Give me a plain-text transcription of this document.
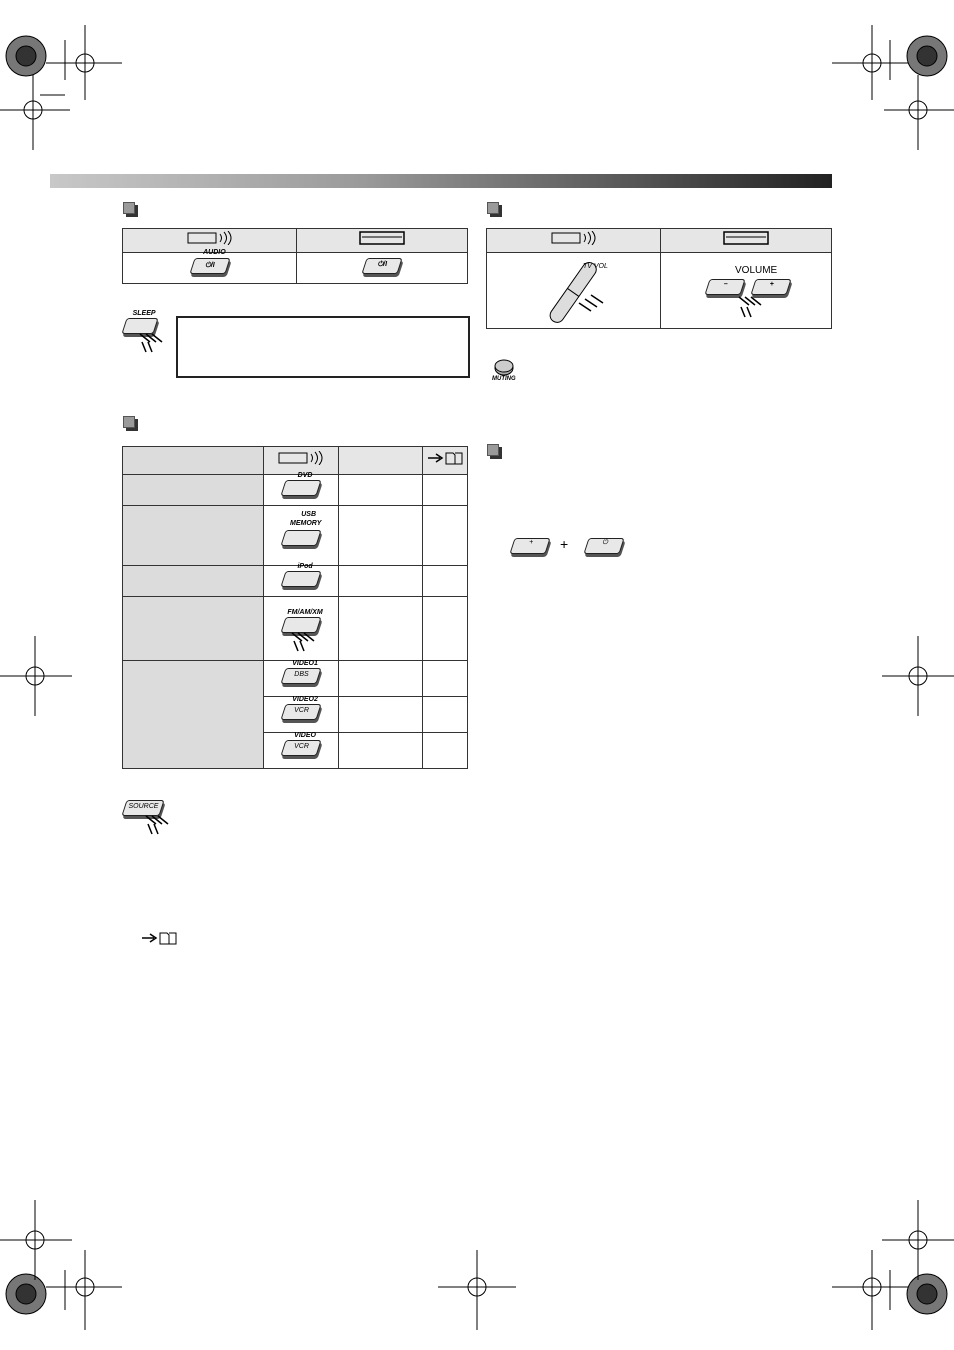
AUDIO
⏻/I	⏻/I
SLEEP

TV VOL	VOLUME
– +
MUTING

	DVD		

	USB
MEMORY		

	iPod		

	FM/AM/XM		

	VIDEO1
DBS		

	VIDEO2
VCR		

	VIDEO
VCR		

SOURCE
+ +	⏻
